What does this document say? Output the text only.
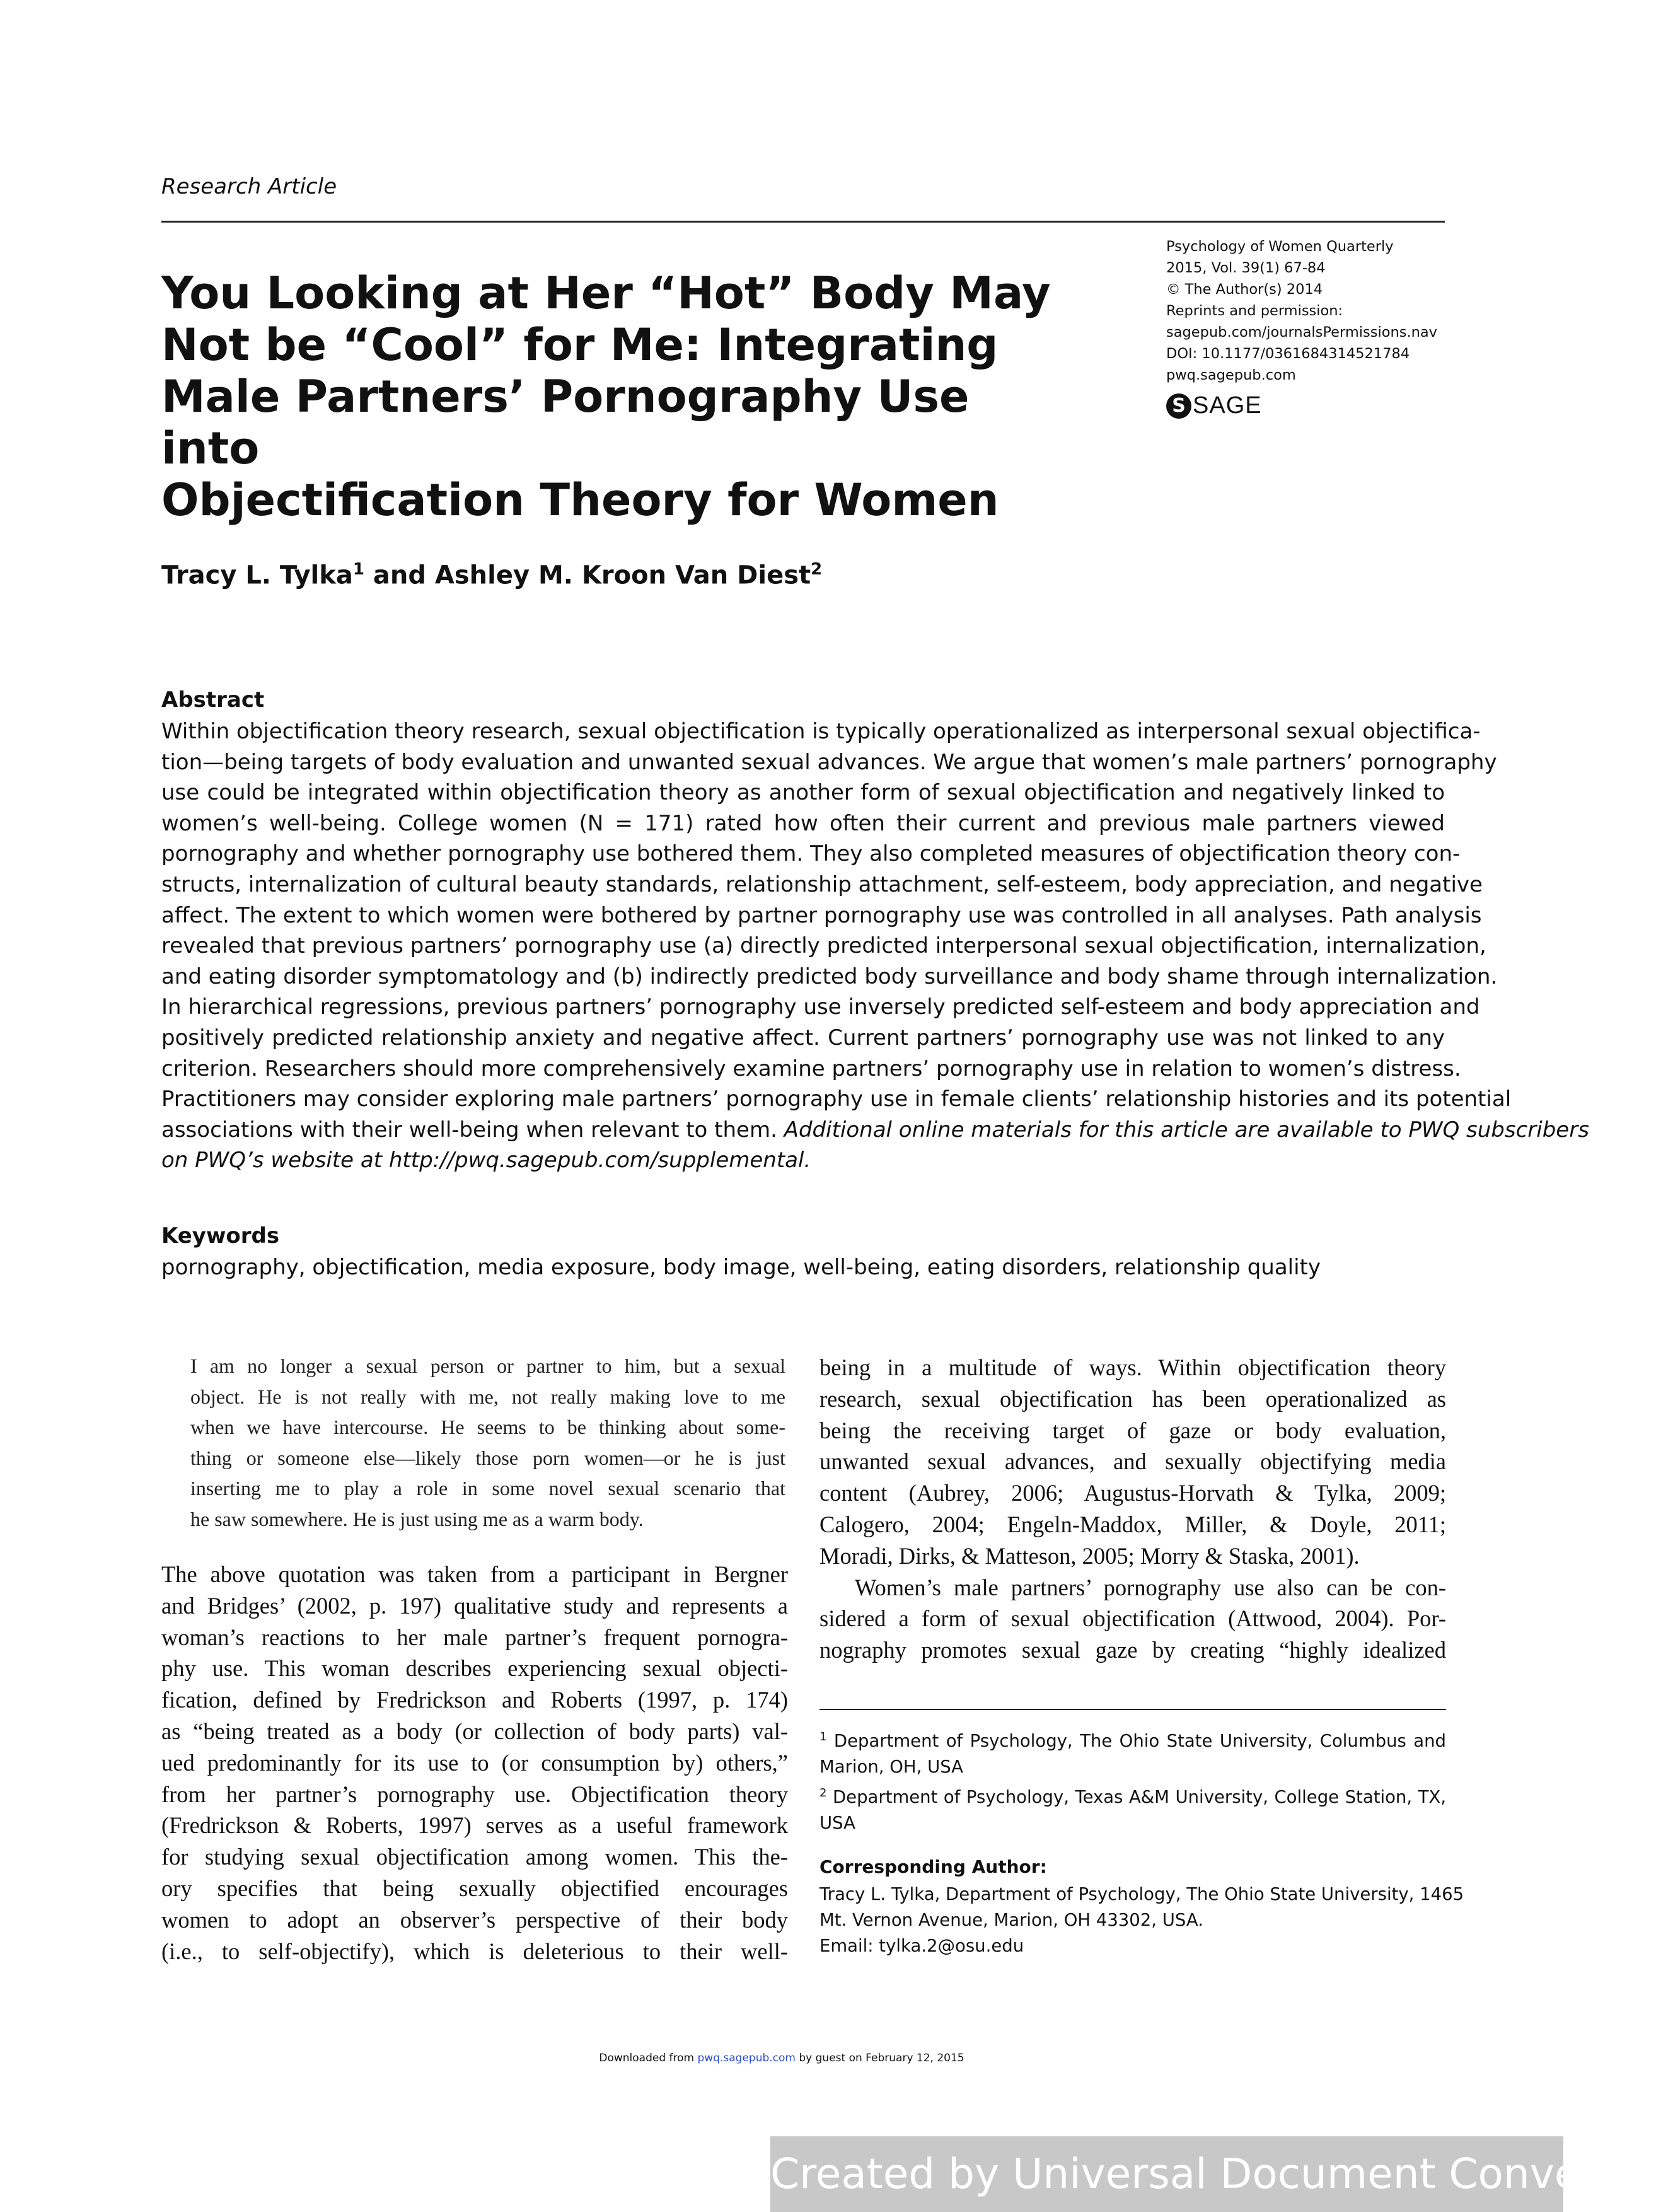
Research Article
You Looking at Her “Hot” Body May
Not be “Cool” for Me: Integrating
Male Partners’ Pornography Use into
Objectification Theory for Women
Psychology of Women Quarterly
2015, Vol. 39(1) 67-84
© The Author(s) 2014
Reprints and permission:
sagepub.com/journalsPermissions.nav
DOI: 10.1177/0361684314521784
pwq.sagepub.com
S SAGE
Tracy L. Tylka$^1$ and Ashley M. Kroon Van Diest$^2$
Abstract
Within objectification theory research, sexual objectification is typically operationalized as interpersonal sexual objectifica-
tion—being targets of body evaluation and unwanted sexual advances. We argue that women’s male partners’ pornography
use could be integrated within objectification theory as another form of sexual objectification and negatively linked to
women’s well-being. College women (N = 171) rated how often their current and previous male partners viewed
pornography and whether pornography use bothered them. They also completed measures of objectification theory con-
structs, internalization of cultural beauty standards, relationship attachment, self-esteem, body appreciation, and negative
affect. The extent to which women were bothered by partner pornography use was controlled in all analyses. Path analysis
revealed that previous partners’ pornography use (a) directly predicted interpersonal sexual objectification, internalization,
and eating disorder symptomatology and (b) indirectly predicted body surveillance and body shame through internalization.
In hierarchical regressions, previous partners’ pornography use inversely predicted self-esteem and body appreciation and
positively predicted relationship anxiety and negative affect. Current partners’ pornography use was not linked to any
criterion. Researchers should more comprehensively examine partners’ pornography use in relation to women’s distress.
Practitioners may consider exploring male partners’ pornography use in female clients’ relationship histories and its potential
associations with their well-being when relevant to them. Additional online materials for this article are available to PWQ subscribers
on PWQ’s website at http://pwq.sagepub.com/supplemental.
Keywords
pornography, objectification, media exposure, body image, well-being, eating disorders, relationship quality
I am no longer a sexual person or partner to him, but a sexual
object. He is not really with me, not really making love to me
when we have intercourse. He seems to be thinking about some-
thing or someone else—likely those porn women—or he is just
inserting me to play a role in some novel sexual scenario that
he saw somewhere. He is just using me as a warm body.
The above quotation was taken from a participant in Bergner
and Bridges’ (2002, p. 197) qualitative study and represents a
woman’s reactions to her male partner’s frequent pornogra-
phy use. This woman describes experiencing sexual objecti-
fication, defined by Fredrickson and Roberts (1997, p. 174)
as “being treated as a body (or collection of body parts) val-
ued predominantly for its use to (or consumption by) others,”
from her partner’s pornography use. Objectification theory
(Fredrickson & Roberts, 1997) serves as a useful framework
for studying sexual objectification among women. This the-
ory specifies that being sexually objectified encourages
women to adopt an observer’s perspective of their body
(i.e., to self-objectify), which is deleterious to their well-
being in a multitude of ways. Within objectification theory
research, sexual objectification has been operationalized as
being the receiving target of gaze or body evaluation,
unwanted sexual advances, and sexually objectifying media
content (Aubrey, 2006; Augustus-Horvath & Tylka, 2009;
Calogero, 2004; Engeln-Maddox, Miller, & Doyle, 2011;
Moradi, Dirks, & Matteson, 2005; Morry & Staska, 2001).
Women’s male partners’ pornography use also can be con-
sidered a form of sexual objectification (Attwood, 2004). Por-
nography promotes sexual gaze by creating “highly idealized
$^1$ Department of Psychology, The Ohio State University, Columbus and
Marion, OH, USA
$^2$ Department of Psychology, Texas A&M University, College Station, TX,
USA
Corresponding Author:
Tracy L. Tylka, Department of Psychology, The Ohio State University, 1465
Mt. Vernon Avenue, Marion, OH 43302, USA.
Email: tylka.2@osu.edu
Downloaded from pwq.sagepub.com by guest on February 12, 2015
Created by Universal Document Converter
